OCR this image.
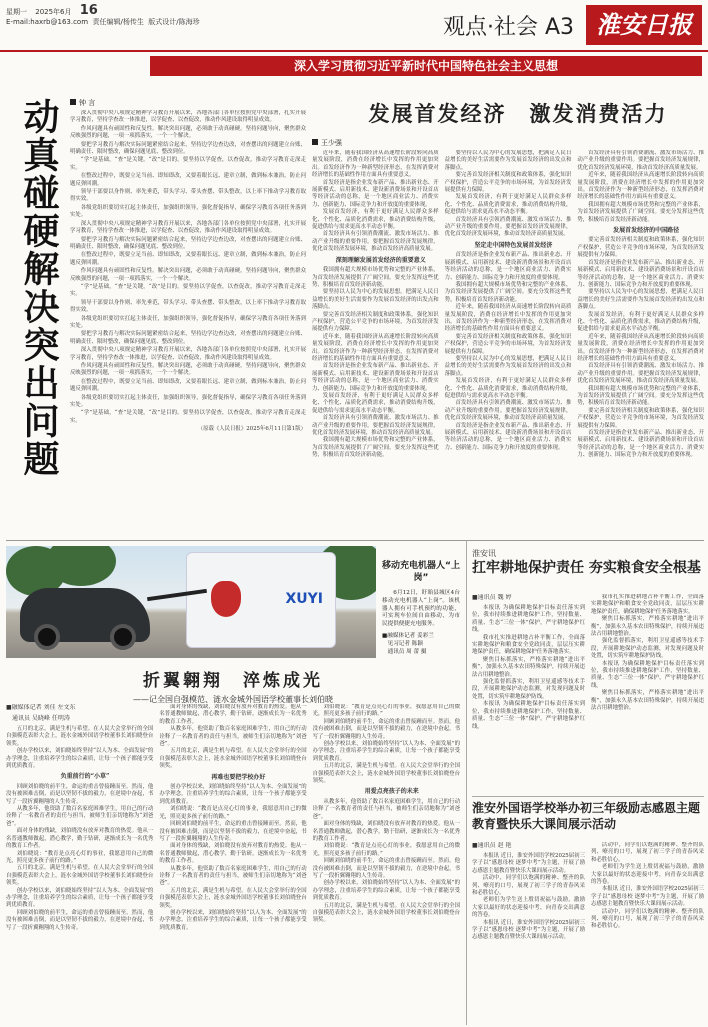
星期一 2025年6月 16
E-mail:haxrb@163.com 责任编辑/杨传生 版式设计/陈海珍	观点·社会 A3 淮安日报
深入学习贯彻习近平新时代中国特色社会主义思想
动真碰硬解决突出问题	钟 言

深入贯彻中央八项规定精神学习教育开展以来，各地各部门各单位按照党中央部署，扎实开展学习教育，坚持学查改一体推进，以学促查、以查促改，推动作风建设取得明显成效。

作风问题具有顽固性和反复性。解决突出问题，必须敢于动真碰硬，坚持问题导向，聚焦群众反映强烈的问题，一项一项抓落实，一个一个解决。

要把学习教育与解决实际问题紧密结合起来，坚持边学边查边改，对查摆出的问题建立台账、明确责任、限时整改，确保问题见底、整改到位。

“学”是基础，“查”是关键，“改”是目的。要坚持以学促查，以查促改，推动学习教育走深走实。

在整改过程中，既要立足当前、即知即改，又要着眼长远、建章立制，做到标本兼治，防止问题反弹回潮。

领导干部要以身作则、率先垂范，带头学习、带头查摆、带头整改，以上率下推动学习教育取得实效。

各级党组织要切实扛起主体责任，加强组织领导，强化督促指导，确保学习教育各项任务落到实处。

深入贯彻中央八项规定精神学习教育开展以来，各地各部门各单位按照党中央部署，扎实开展学习教育，坚持学查改一体推进，以学促查、以查促改，推动作风建设取得明显成效。

要把学习教育与解决实际问题紧密结合起来，坚持边学边查边改，对查摆出的问题建立台账、明确责任、限时整改，确保问题见底、整改到位。

在整改过程中，既要立足当前、即知即改，又要着眼长远、建章立制，做到标本兼治，防止问题反弹回潮。

作风问题具有顽固性和反复性。解决突出问题，必须敢于动真碰硬，坚持问题导向，聚焦群众反映强烈的问题，一项一项抓落实，一个一个解决。

“学”是基础，“查”是关键，“改”是目的。要坚持以学促查，以查促改，推动学习教育走深走实。

领导干部要以身作则、率先垂范，带头学习、带头查摆、带头整改，以上率下推动学习教育取得实效。

各级党组织要切实扛起主体责任，加强组织领导，强化督促指导，确保学习教育各项任务落到实处。

要把学习教育与解决实际问题紧密结合起来，坚持边学边查边改，对查摆出的问题建立台账、明确责任、限时整改，确保问题见底、整改到位。

深入贯彻中央八项规定精神学习教育开展以来，各地各部门各单位按照党中央部署，扎实开展学习教育，坚持学查改一体推进，以学促查、以查促改，推动作风建设取得明显成效。

作风问题具有顽固性和反复性。解决突出问题，必须敢于动真碰硬，坚持问题导向，聚焦群众反映强烈的问题，一项一项抓落实，一个一个解决。

在整改过程中，既要立足当前、即知即改，又要着眼长远、建章立制，做到标本兼治，防止问题反弹回潮。

各级党组织要切实扛起主体责任，加强组织领导，强化督促指导，确保学习教育各项任务落到实处。

“学”是基础，“查”是关键，“改”是目的。要坚持以学促查，以查促改，推动学习教育走深走实。

（原载《人民日报》2025年6月11日第1版）

发展首发经济　激发消费活力
王少强

近年来，随着我国经济从高速增长阶段转向高质量发展阶段，消费在经济增长中发挥的作用更加突出。首发经济作为一种新型经济形态，在发挥消费对经济增长的基础性作用方面具有重要意义。

首发经济是指企业发布新产品、推出新业态、开展新模式、启用新技术、建设新消费场景和开设首店等经济活动的总称，是一个地区商业活力、消费实力、创新能力、国际竞争力和开放度的重要体现。

发展首发经济，有利于更好满足人民群众多样化、个性化、品质化消费需求，推动消费结构升级，促进供给与需求更高水平动态平衡。

首发经济具有引领消费潮流、激发市场活力、推动产业升级的重要作用。要把握首发经济发展规律，优化首发经济发展环境，推动首发经济高质量发展。

深刻理解发展首发经济的重要意义

我国拥有超大规模市场优势和完整的产业体系，为首发经济发展提供了广阔空间。要充分发挥这些优势，积极培育首发经济新动能。

要坚持以人民为中心的发展思想，把满足人民日益增长的美好生活需要作为发展首发经济的出发点和落脚点。

要完善首发经济相关制度和政策体系，强化知识产权保护，营造公平竞争的市场环境，为首发经济发展提供有力保障。

近年来，随着我国经济从高速增长阶段转向高质量发展阶段，消费在经济增长中发挥的作用更加突出。首发经济作为一种新型经济形态，在发挥消费对经济增长的基础性作用方面具有重要意义。

首发经济是指企业发布新产品、推出新业态、开展新模式、启用新技术、建设新消费场景和开设首店等经济活动的总称，是一个地区商业活力、消费实力、创新能力、国际竞争力和开放度的重要体现。

发展首发经济，有利于更好满足人民群众多样化、个性化、品质化消费需求，推动消费结构升级，促进供给与需求更高水平动态平衡。

首发经济具有引领消费潮流、激发市场活力、推动产业升级的重要作用。要把握首发经济发展规律，优化首发经济发展环境，推动首发经济高质量发展。

我国拥有超大规模市场优势和完整的产业体系，为首发经济发展提供了广阔空间。要充分发挥这些优势，积极培育首发经济新动能。

要坚持以人民为中心的发展思想，把满足人民日益增长的美好生活需要作为发展首发经济的出发点和落脚点。

要完善首发经济相关制度和政策体系，强化知识产权保护，营造公平竞争的市场环境，为首发经济发展提供有力保障。

发展首发经济，有利于更好满足人民群众多样化、个性化、品质化消费需求，推动消费结构升级，促进供给与需求更高水平动态平衡。

首发经济具有引领消费潮流、激发市场活力、推动产业升级的重要作用。要把握首发经济发展规律，优化首发经济发展环境，推动首发经济高质量发展。

坚定走中国特色发展首发经济

首发经济是指企业发布新产品、推出新业态、开展新模式、启用新技术、建设新消费场景和开设首店等经济活动的总称，是一个地区商业活力、消费实力、创新能力、国际竞争力和开放度的重要体现。

我国拥有超大规模市场优势和完整的产业体系，为首发经济发展提供了广阔空间。要充分发挥这些优势，积极培育首发经济新动能。

近年来，随着我国经济从高速增长阶段转向高质量发展阶段，消费在经济增长中发挥的作用更加突出。首发经济作为一种新型经济形态，在发挥消费对经济增长的基础性作用方面具有重要意义。

要完善首发经济相关制度和政策体系，强化知识产权保护，营造公平竞争的市场环境，为首发经济发展提供有力保障。

要坚持以人民为中心的发展思想，把满足人民日益增长的美好生活需要作为发展首发经济的出发点和落脚点。

发展首发经济，有利于更好满足人民群众多样化、个性化、品质化消费需求，推动消费结构升级，促进供给与需求更高水平动态平衡。

首发经济具有引领消费潮流、激发市场活力、推动产业升级的重要作用。要把握首发经济发展规律，优化首发经济发展环境，推动首发经济高质量发展。

首发经济是指企业发布新产品、推出新业态、开展新模式、启用新技术、建设新消费场景和开设首店等经济活动的总称，是一个地区商业活力、消费实力、创新能力、国际竞争力和开放度的重要体现。

首发经济具有引领消费潮流、激发市场活力、推动产业升级的重要作用。要把握首发经济发展规律，优化首发经济发展环境，推动首发经济高质量发展。

近年来，随着我国经济从高速增长阶段转向高质量发展阶段，消费在经济增长中发挥的作用更加突出。首发经济作为一种新型经济形态，在发挥消费对经济增长的基础性作用方面具有重要意义。

我国拥有超大规模市场优势和完整的产业体系，为首发经济发展提供了广阔空间。要充分发挥这些优势，积极培育首发经济新动能。

发展首发经济的中国路径

要完善首发经济相关制度和政策体系，强化知识产权保护，营造公平竞争的市场环境，为首发经济发展提供有力保障。

首发经济是指企业发布新产品、推出新业态、开展新模式、启用新技术、建设新消费场景和开设首店等经济活动的总称，是一个地区商业活力、消费实力、创新能力、国际竞争力和开放度的重要体现。

要坚持以人民为中心的发展思想，把满足人民日益增长的美好生活需要作为发展首发经济的出发点和落脚点。

发展首发经济，有利于更好满足人民群众多样化、个性化、品质化消费需求，推动消费结构升级，促进供给与需求更高水平动态平衡。

近年来，随着我国经济从高速增长阶段转向高质量发展阶段，消费在经济增长中发挥的作用更加突出。首发经济作为一种新型经济形态，在发挥消费对经济增长的基础性作用方面具有重要意义。

首发经济具有引领消费潮流、激发市场活力、推动产业升级的重要作用。要把握首发经济发展规律，优化首发经济发展环境，推动首发经济高质量发展。

我国拥有超大规模市场优势和完整的产业体系，为首发经济发展提供了广阔空间。要充分发挥这些优势，积极培育首发经济新动能。

要完善首发经济相关制度和政策体系，强化知识产权保护，营造公平竞争的市场环境，为首发经济发展提供有力保障。

首发经济是指企业发布新产品、推出新业态、开展新模式、启用新技术、建设新消费场景和开设首店等经济活动的总称，是一个地区商业活力、消费实力、创新能力、国际竞争力和开放度的重要体现。

XUYI
移动充电机器人“上岗”
6月12日，盱眙县城区4台移动充电机器人“上岗”。该机器人拥有可手机预约的功能，可实现车位间自由移动，为市民提供便捷充电服务。
■融媒体记者 姜彩兰
　见习记者 陈颖
　通讯员 周 蕾 摄
折翼翱翔　淬炼成光
——记全国自强模范、涟水金城外国语学校董事长刘伯晓
■融媒体记者 刘佳 左文东
　通讯员 吴晓峰 任明涛

五月的北京，满是生机与希望。在人民大会堂举行的全国自强模范表彰大会上，涟水金城外国语学校董事长刘伯晓登台领奖。

创办学校以来，刘伯晓始终坚持“以人为本、全面发展”的办学理念，注重培养学生的综合素质，让每一个孩子都能享受到优质教育。

负重前行的“小草”

回顾刘伯晓的前半生，命运的重击曾接踵而至。然而，他没有被困难击倒，而是以坚韧不拔的毅力，在逆境中奋起，书写了一段折翼翱翔的人生传奇。

从教多年，他资助了数百名家庭困难学生，用自己的行动诠释了一名教育者的责任与担当，被师生们亲切地称为“刘爸爸”。

面对身体的残缺，刘伯晓没有放弃对教育的热爱。他从一名普通教师做起，潜心教学，勤于钻研，逐渐成长为一名优秀的教育工作者。

刘伯晓说：“教育是点亮心灯的事业，我愿意用自己的微光，照亮更多孩子前行的路。”

五月的北京，满是生机与希望。在人民大会堂举行的全国自强模范表彰大会上，涟水金城外国语学校董事长刘伯晓登台领奖。

创办学校以来，刘伯晓始终坚持“以人为本、全面发展”的办学理念，注重培养学生的综合素质，让每一个孩子都能享受到优质教育。

回顾刘伯晓的前半生，命运的重击曾接踵而至。然而，他没有被困难击倒，而是以坚韧不拔的毅力，在逆境中奋起，书写了一段折翼翱翔的人生传奇。

面对身体的残缺，刘伯晓没有放弃对教育的热爱。他从一名普通教师做起，潜心教学，勤于钻研，逐渐成长为一名优秀的教育工作者。

从教多年，他资助了数百名家庭困难学生，用自己的行动诠释了一名教育者的责任与担当，被师生们亲切地称为“刘爸爸”。

五月的北京，满是生机与希望。在人民大会堂举行的全国自强模范表彰大会上，涟水金城外国语学校董事长刘伯晓登台领奖。

再难也要把学校办好

创办学校以来，刘伯晓始终坚持“以人为本、全面发展”的办学理念，注重培养学生的综合素质，让每一个孩子都能享受到优质教育。

刘伯晓说：“教育是点亮心灯的事业，我愿意用自己的微光，照亮更多孩子前行的路。”

回顾刘伯晓的前半生，命运的重击曾接踵而至。然而，他没有被困难击倒，而是以坚韧不拔的毅力，在逆境中奋起，书写了一段折翼翱翔的人生传奇。

面对身体的残缺，刘伯晓没有放弃对教育的热爱。他从一名普通教师做起，潜心教学，勤于钻研，逐渐成长为一名优秀的教育工作者。

从教多年，他资助了数百名家庭困难学生，用自己的行动诠释了一名教育者的责任与担当，被师生们亲切地称为“刘爸爸”。

五月的北京，满是生机与希望。在人民大会堂举行的全国自强模范表彰大会上，涟水金城外国语学校董事长刘伯晓登台领奖。

创办学校以来，刘伯晓始终坚持“以人为本、全面发展”的办学理念，注重培养学生的综合素质，让每一个孩子都能享受到优质教育。

刘伯晓说：“教育是点亮心灯的事业，我愿意用自己的微光，照亮更多孩子前行的路。”

回顾刘伯晓的前半生，命运的重击曾接踵而至。然而，他没有被困难击倒，而是以坚韧不拔的毅力，在逆境中奋起，书写了一段折翼翱翔的人生传奇。

创办学校以来，刘伯晓始终坚持“以人为本、全面发展”的办学理念，注重培养学生的综合素质，让每一个孩子都能享受到优质教育。

五月的北京，满是生机与希望。在人民大会堂举行的全国自强模范表彰大会上，涟水金城外国语学校董事长刘伯晓登台领奖。

用爱点亮孩子的未来

从教多年，他资助了数百名家庭困难学生，用自己的行动诠释了一名教育者的责任与担当，被师生们亲切地称为“刘爸爸”。

面对身体的残缺，刘伯晓没有放弃对教育的热爱。他从一名普通教师做起，潜心教学，勤于钻研，逐渐成长为一名优秀的教育工作者。

刘伯晓说：“教育是点亮心灯的事业，我愿意用自己的微光，照亮更多孩子前行的路。”

回顾刘伯晓的前半生，命运的重击曾接踵而至。然而，他没有被困难击倒，而是以坚韧不拔的毅力，在逆境中奋起，书写了一段折翼翱翔的人生传奇。

创办学校以来，刘伯晓始终坚持“以人为本、全面发展”的办学理念，注重培养学生的综合素质，让每一个孩子都能享受到优质教育。

五月的北京，满是生机与希望。在人民大会堂举行的全国自强模范表彰大会上，涟水金城外国语学校董事长刘伯晓登台领奖。

淮安讯
扛牢耕地保护责任 夯实粮食安全根基
■通讯员 魏 婷

本报讯 为确保耕地保护目标责任落实到位，我市持续推进耕地保护工作，坚持数量、质量、生态“三位一体”保护，严守耕地保护红线。

我市扎实推进耕地占补平衡工作，全面落实耕地保护和粮食安全党政同责，层层压实耕地保护责任，确保耕地保护任务落地落实。

聚焦目标抓落实，严格落实耕地“进出平衡”，加强永久基本农田特殊保护，持续开展违法占用耕地整治。

强化监督抓落实，利用卫星遥感等技术手段，开展耕地保护动态监测，对发现问题及时处置，切实筑牢耕地保护防线。

本报讯 为确保耕地保护目标责任落实到位，我市持续推进耕地保护工作，坚持数量、质量、生态“三位一体”保护，严守耕地保护红线。

我市扎实推进耕地占补平衡工作，全面落实耕地保护和粮食安全党政同责，层层压实耕地保护责任，确保耕地保护任务落地落实。

聚焦目标抓落实，严格落实耕地“进出平衡”，加强永久基本农田特殊保护，持续开展违法占用耕地整治。

强化监督抓落实，利用卫星遥感等技术手段，开展耕地保护动态监测，对发现问题及时处置，切实筑牢耕地保护防线。

本报讯 为确保耕地保护目标责任落实到位，我市持续推进耕地保护工作，坚持数量、质量、生态“三位一体”保护，严守耕地保护红线。

聚焦目标抓落实，严格落实耕地“进出平衡”，加强永久基本农田特殊保护，持续开展违法占用耕地整治。

淮安外国语学校举办初三年级励志感恩主题教育暨快乐大课间展示活动
■通讯员 赵 艳

本报讯 近日，淮安外国语学校2025届初三学子以“感恩母校 逐梦中考”为主题，开展了励志感恩主题教育暨快乐大课间展示活动。

活动中，同学们以饱满的精神、整齐的队列、嘹亮的口号，展现了初三学子的青春风采和必胜信心。

老师们为学生送上殷切祝福与鼓励，激励大家以最好的状态迎接中考，向青春交出满意的答卷。

本报讯 近日，淮安外国语学校2025届初三学子以“感恩母校 逐梦中考”为主题，开展了励志感恩主题教育暨快乐大课间展示活动。

活动中，同学们以饱满的精神、整齐的队列、嘹亮的口号，展现了初三学子的青春风采和必胜信心。

老师们为学生送上殷切祝福与鼓励，激励大家以最好的状态迎接中考，向青春交出满意的答卷。

本报讯 近日，淮安外国语学校2025届初三学子以“感恩母校 逐梦中考”为主题，开展了励志感恩主题教育暨快乐大课间展示活动。

活动中，同学们以饱满的精神、整齐的队列、嘹亮的口号，展现了初三学子的青春风采和必胜信心。
